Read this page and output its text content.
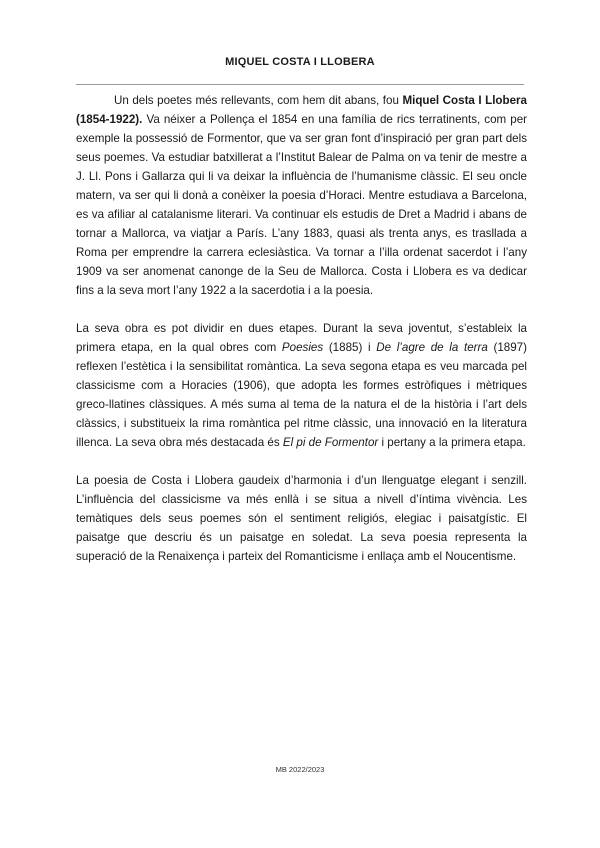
MIQUEL COSTA I LLOBERA

Un dels poetes més rellevants, com hem dit abans, fou Miquel Costa I Llobera (1854-1922). Va néixer a Pollença el 1854 en una família de rics terratinents, com per exemple la possessió de Formentor, que va ser gran font d’inspiració per gran part dels seus poemes. Va estudiar batxillerat a l’Institut Balear de Palma on va tenir de mestre a J. Ll. Pons i Gallarza qui li va deixar la influència de l’humanisme clàssic. El seu oncle matern, va ser qui li donà a conèixer la poesia d’Horaci. Mentre estudiava a Barcelona, es va afiliar al catalanisme literari. Va continuar els estudis de Dret a Madrid i abans de tornar a Mallorca, va viatjar a París. L’any 1883, quasi als trenta anys, es trasllada a Roma per emprendre la carrera eclesiàstica. Va tornar a l’illa ordenat sacerdot i l’any 1909 va ser anomenat canonge de la Seu de Mallorca. Costa i Llobera es va dedicar fins a la seva mort l’any 1922 a la sacerdotia i a la poesia.

La seva obra es pot dividir en dues etapes. Durant la seva joventut, s’estableix la primera etapa, en la qual obres com Poesies (1885) i De l’agre de la terra (1897) reflexen l’estètica i la sensibilitat romàntica. La seva segona etapa es veu marcada pel classicisme com a Horacies (1906), que adopta les formes estròfiques i mètriques greco-llatines clàssiques. A més suma al tema de la natura el de la història i l’art dels clàssics, i substitueix la rima romàntica pel ritme clàssic, una innovació en la literatura illenca. La seva obra més destacada és El pi de Formentor i pertany a la primera etapa.

La poesia de Costa i Llobera gaudeix d’harmonia i d’un llenguatge elegant i senzill. L’influència del classicisme va més enllà i se situa a nivell d’íntima vivència. Les temàtiques dels seus poemes són el sentiment religiós, elegiac i paisatgístic. El paisatge que descriu és un paisatge en soledat. La seva poesia representa la superació de la Renaixença i parteix del Romanticisme i enllaça amb el Noucentisme.

MB 2022/2023
